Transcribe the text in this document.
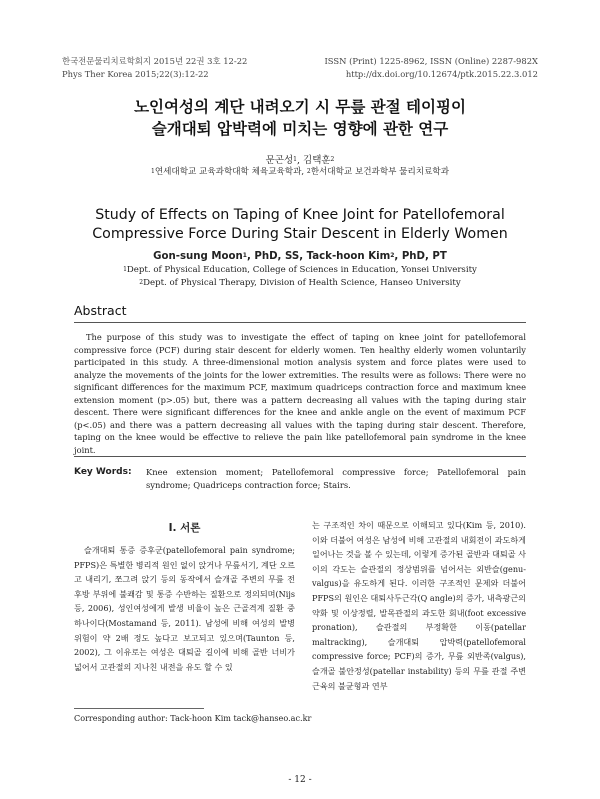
한국전문물리치료학회지 2015년 22권 3호 12-22
Phys Ther Korea 2015;22(3):12-22
ISSN (Print) 1225-8962, ISSN (Online) 2287-982X
http://dx.doi.org/10.12674/ptk.2015.22.3.012
노인여성의 계단 내려오기 시 무릎 관절 테이핑이
슬개대퇴 압박력에 미치는 영향에 관한 연구
문곤성$^1$, 김택훈$^2$
$^1$연세대학교 교육과학대학 체육교육학과, $^2$한서대학교 보건과학부 물리치료학과
Study of Effects on Taping of Knee Joint for Patellofemoral
Compressive Force During Stair Descent in Elderly Women
Gon-sung Moon$^1$, PhD, SS, Tack-hoon Kim$^2$, PhD, PT
$^1$Dept. of Physical Education, College of Sciences in Education, Yonsei University
$^2$Dept. of Physical Therapy, Division of Health Science, Hanseo University
Abstract
The purpose of this study was to investigate the effect of taping on knee joint for patellofemoral compressive force (PCF) during stair descent for elderly women. Ten healthy elderly women voluntarily participated in this study. A three-dimensional motion analysis system and force plates were used to analyze the movements of the joints for the lower extremities. The results were as follows: There were no significant differences for the maximum PCF, maximum quadriceps contraction force and maximum knee extension moment (p>.05) but, there was a pattern decreasing all values with the taping during stair descent. There were significant differences for the knee and ankle angle on the event of maximum PCF (p<.05) and there was a pattern decreasing all values with the taping during stair descent. Therefore, taping on the knee would be effective to relieve the pain like patellofemoral pain syndrome in the knee joint.
Key Words: Knee extension moment; Patellofemoral compressive force; Patellofemoral pain syndrome; Quadriceps contraction force; Stairs.
Ⅰ. 서론
슬개대퇴 통증 증후군(patellofemoral pain syndrome; PFPS)은 특별한 병리적 원인 없이 앉거나 무릎서기, 계단 오르고 내리기, 쪼그려 앉기 등의 동작에서 슬개골 주변의 무릎 전후방 부위에 불쾌감 및 통증 수반하는 질환으로 정의되며(Nijs 등, 2006), 성인여성에게 발생 비율이 높은 근골격계 질환 중 하나이다(Mostamand 등, 2011). 남성에 비해 여성의 발병 위험이 약 2배 정도 높다고 보고되고 있으며(Taunton 등, 2002), 그 이유로는 여성은 대퇴골 길이에 비해 골반 너비가 넓어서 고관절의 지나친 내전을 유도 할 수 있
는 구조적인 차이 때문으로 이해되고 있다(Kim 등, 2010). 이와 더불어 여성은 남성에 비해 고관절의 내회전이 과도하게 일어나는 것을 볼 수 있는데, 이렇게 증가된 골반과 대퇴골 사이의 각도는 슬관절의 정상범위를 넘어서는 외반슬(genu-valgus)을 유도하게 된다. 이러한 구조적인 문제와 더불어 PFPS의 원인은 대퇴사두근각(Q angle)의 증가, 내측광근의 약화 및 이상정렬, 발목관절의 과도한 회내(foot excessive pronation), 슬관절의 부정확한 이동(patellar maltracking), 슬개대퇴 압박력(patellofemoral compressive force; PCF)의 증가, 무릎 외반족(valgus), 슬개골 불안정성(patellar instability) 등의 무릎 관절 주변 근육의 불균형과 연부
Corresponding author: Tack-hoon Kim tack@hanseo.ac.kr
- 12 -
